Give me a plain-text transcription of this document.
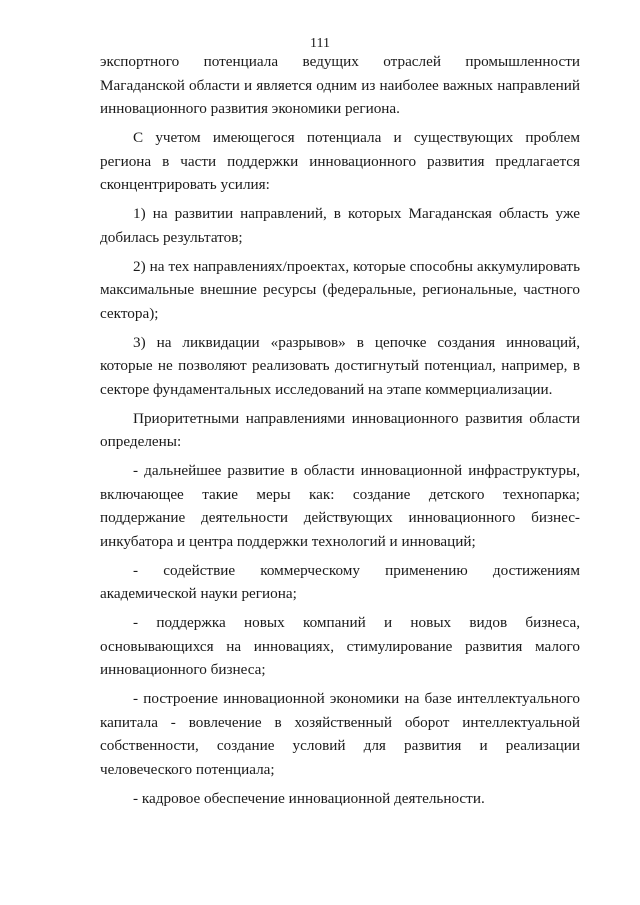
111

экспортного потенциала ведущих отраслей промышленности Магаданской области и является одним из наиболее важных направлений инновационного развития экономики региона.

С учетом имеющегося потенциала и существующих проблем региона в части поддержки инновационного развития предлагается сконцентрировать усилия:

1) на развитии направлений, в которых Магаданская область уже добилась результатов;

2) на тех направлениях/проектах, которые способны аккумулировать максимальные внешние ресурсы (федеральные, региональные, частного сектора);

3) на ликвидации «разрывов» в цепочке создания инноваций, которые не позволяют реализовать достигнутый потенциал, например, в секторе фундаментальных исследований на этапе коммерциализации.

Приоритетными направлениями инновационного развития области определены:

- дальнейшее развитие в области инновационной инфраструктуры, включающее такие меры как: создание детского технопарка; поддержание деятельности действующих инновационного бизнес-инкубатора и центра поддержки технологий и инноваций;

- содействие коммерческому применению достижениям академической науки региона;

- поддержка новых компаний и новых видов бизнеса, основывающихся на инновациях, стимулирование развития малого инновационного бизнеса;

- построение инновационной экономики на базе интеллектуального капитала - вовлечение в хозяйственный оборот интеллектуальной собственности, создание условий для развития и реализации человеческого потенциала;

- кадровое обеспечение инновационной деятельности.
